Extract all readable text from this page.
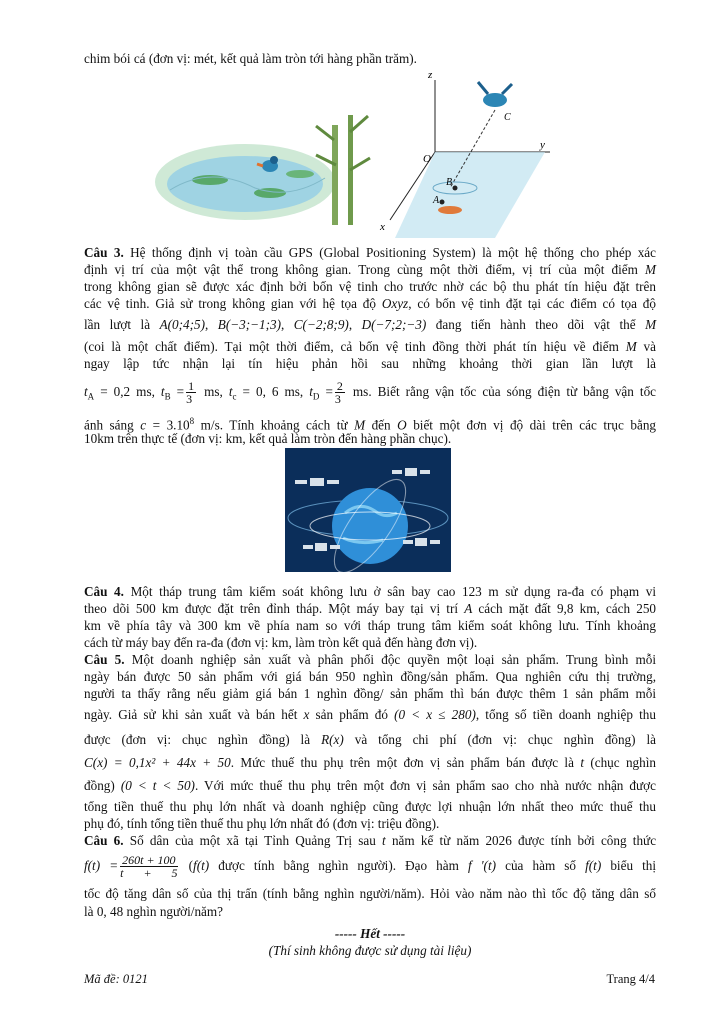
chim bói cá (đơn vị: mét, kết quả làm tròn tới hàng phần trăm).
z
y
x
O
B
A
C
Câu 3. Hệ thống định vị toàn cầu GPS (Global Positioning System) là một hệ thống cho phép xác
định vị trí của một vật thể trong không gian. Trong cùng một thời điểm, vị trí của một điểm M
trong không gian sẽ được xác định bởi bốn vệ tinh cho trước nhờ các bộ thu phát tín hiệu đặt trên
các vệ tinh. Giả sử trong không gian với hệ tọa độ Oxyz, có bốn vệ tinh đặt tại các điểm có tọa độ
lần lượt là A(0;4;5), B(−3;−1;3), C(−2;8;9), D(−7;2;−3) đang tiến hành theo dõi vật thể M
(coi là một chất điểm). Tại một thời điểm, cả bốn vệ tinh đồng thời phát tín hiệu về điểm M và
ngay lập tức nhận lại tín hiệu phản hồi sau những khoảng thời gian lần lượt là
$t_A = 0,2$ ms, $t_B = \frac{1}{3}$ ms, $t_c = 0$, 6 ms, $t_D = \frac{2}{3}$ ms. Biết rằng vận tốc của sóng điện từ bằng vận tốc
ánh sáng $c = 3.10^8$ m/s. Tính khoảng cách từ M đến O biết một đơn vị độ dài trên các trục bằng
10km trên thực tế (đơn vị: km, kết quả làm tròn đến hàng phần chục).
Câu 4. Một tháp trung tâm kiểm soát không lưu ở sân bay cao 123 m sử dụng ra-đa có phạm vi
theo dõi 500 km được đặt trên đỉnh tháp. Một máy bay tại vị trí A cách mặt đất 9,8 km, cách 250
km về phía tây và 300 km về phía nam so với tháp trung tâm kiểm soát không lưu. Tính khoảng
cách từ máy bay đến ra-đa (đơn vị: km, làm tròn kết quả đến hàng đơn vị).
Câu 5. Một doanh nghiệp sản xuất và phân phối độc quyền một loại sản phẩm. Trung bình mỗi
ngày bán được 50 sản phẩm với giá bán 950 nghìn đồng/sản phẩm. Qua nghiên cứu thị trường,
người ta thấy rằng nếu giảm giá bán 1 nghìn đồng/ sản phẩm thì bán được thêm 1 sản phẩm mỗi
ngày. Giả sử khi sản xuất và bán hết x sản phẩm đó (0 < x ≤ 280), tổng số tiền doanh nghiệp thu
được (đơn vị: chục nghìn đồng) là R(x) và tổng chi phí (đơn vị: chục nghìn đồng) là
C(x) = 0,1x² + 44x + 50. Mức thuế thu phụ trên một đơn vị sản phẩm bán được là t (chục nghìn
đồng) (0 < t < 50). Với mức thuế thu phụ trên một đơn vị sản phẩm sao cho nhà nước nhận được
tổng tiền thuế thu phụ lớn nhất và doanh nghiệp cũng được lợi nhuận lớn nhất theo mức thuế thu
phụ đó, tính tổng tiền thuế thu phụ lớn nhất đó (đơn vị: triệu đồng).
Câu 6. Số dân của một xã tại Tỉnh Quảng Trị sau t năm kể từ năm 2026 được tính bởi công thức
$f(t) = \frac{260t + 100}{t + 5} (f(t)$ được tính bằng nghìn người). Đạo hàm f '(t) của hàm số f(t) biểu thị
tốc độ tăng dân số của thị trấn (tính bằng nghìn người/năm). Hỏi vào năm nào thì tốc độ tăng dân số
là 0, 48 nghìn người/năm?
----- Hết -----
(Thí sinh không được sử dụng tài liệu)
Mã đề: 0121	Trang 4/4
